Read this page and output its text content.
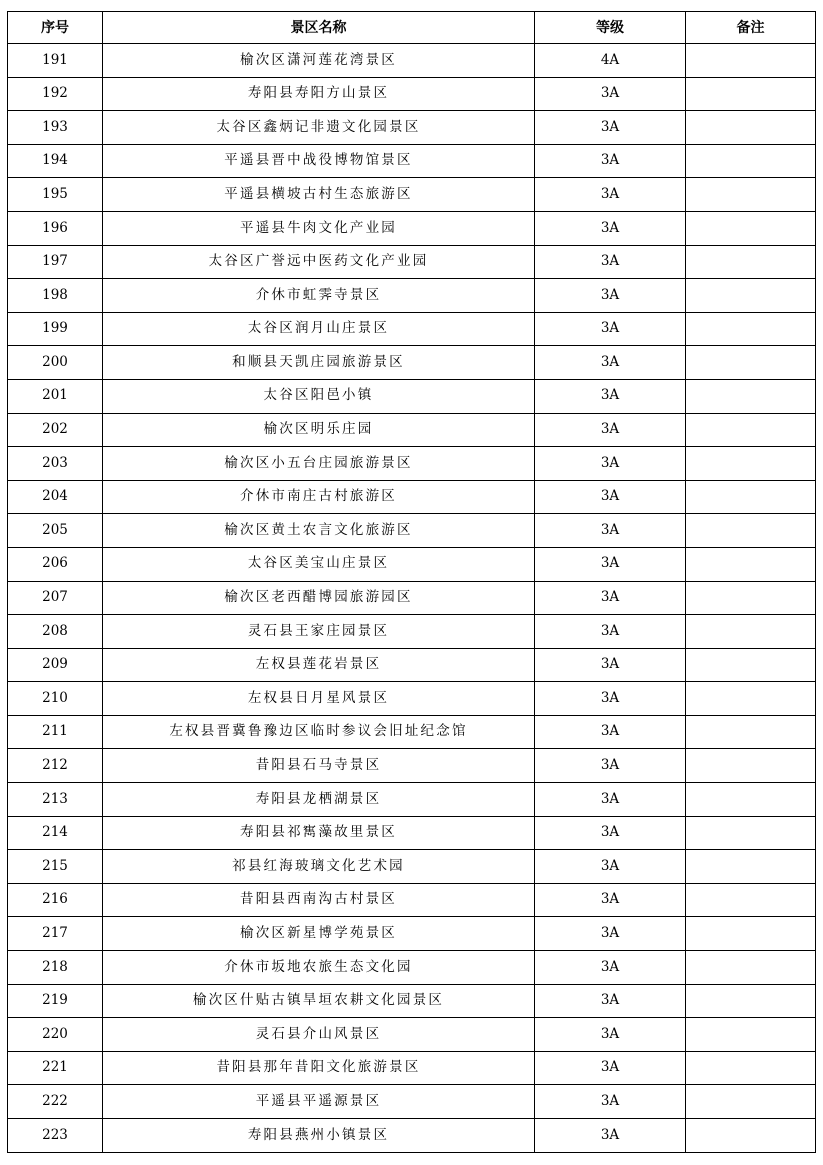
序号	景区名称	等级	备注
191	榆次区潇河莲花湾景区	4A	
192	寿阳县寿阳方山景区	3A	
193	太谷区鑫炳记非遗文化园景区	3A	
194	平遥县晋中战役博物馆景区	3A	
195	平遥县横坡古村生态旅游区	3A	
196	平遥县牛肉文化产业园	3A	
197	太谷区广誉远中医药文化产业园	3A	
198	介休市虹霁寺景区	3A	
199	太谷区润月山庄景区	3A	
200	和顺县天凯庄园旅游景区	3A	
201	太谷区阳邑小镇	3A	
202	榆次区明乐庄园	3A	
203	榆次区小五台庄园旅游景区	3A	
204	介休市南庄古村旅游区	3A	
205	榆次区黄土农言文化旅游区	3A	
206	太谷区美宝山庄景区	3A	
207	榆次区老西醋博园旅游园区	3A	
208	灵石县王家庄园景区	3A	
209	左权县莲花岩景区	3A	
210	左权县日月星风景区	3A	
211	左权县晋冀鲁豫边区临时参议会旧址纪念馆	3A	
212	昔阳县石马寺景区	3A	
213	寿阳县龙栖湖景区	3A	
214	寿阳县祁寯藻故里景区	3A	
215	祁县红海玻璃文化艺术园	3A	
216	昔阳县西南沟古村景区	3A	
217	榆次区新星博学苑景区	3A	
218	介休市坂地农旅生态文化园	3A	
219	榆次区什贴古镇旱垣农耕文化园景区	3A	
220	灵石县介山风景区	3A	
221	昔阳县那年昔阳文化旅游景区	3A	
222	平遥县平遥源景区	3A	
223	寿阳县燕州小镇景区	3A	
